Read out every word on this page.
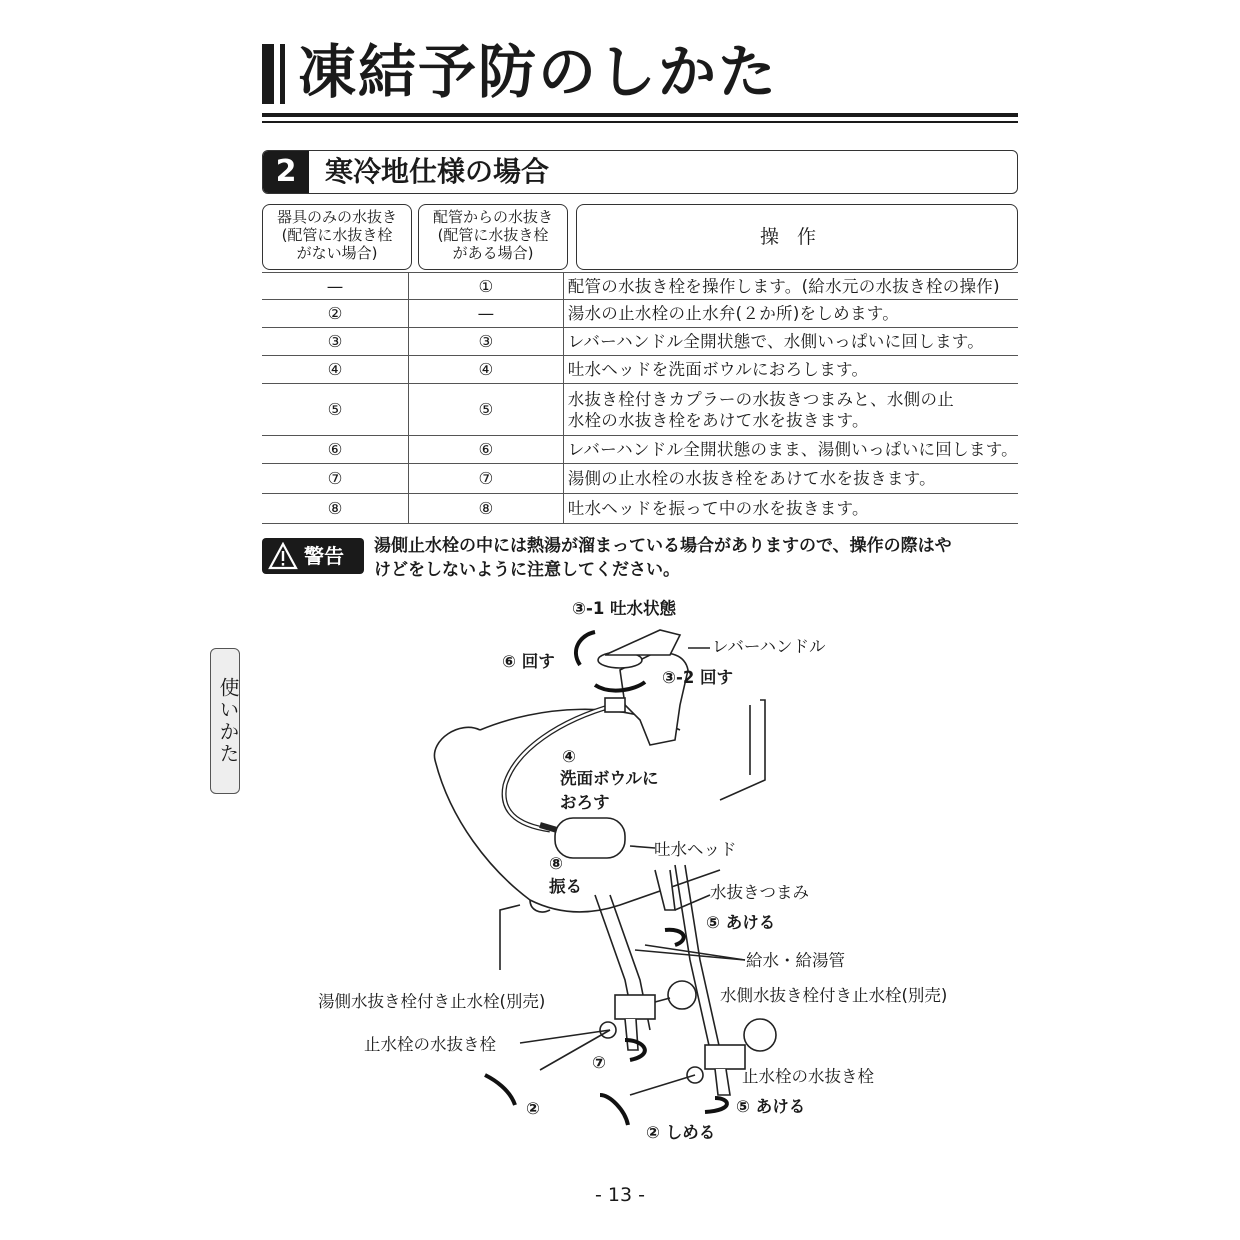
凍結予防のしかた
2	寒冷地仕様の場合
器具のみの水抜き
(配管に水抜き栓
がない場合)
配管からの水抜き
(配管に水抜き栓
がある場合)
操作
—	①	配管の水抜き栓を操作します。(給水元の水抜き栓の操作)
②	—	湯水の止水栓の止水弁(２か所)をしめます。
③	③	レバーハンドル全開状態で、水側いっぱいに回します。
④	④	吐水ヘッドを洗面ボウルにおろします。
⑤	⑤	水抜き栓付きカプラーの水抜きつまみと、水側の止
水栓の水抜き栓をあけて水を抜きます。

⑥	⑥	レバーハンドル全開状態のまま、湯側いっぱいに回します。
⑦	⑦	湯側の止水栓の水抜き栓をあけて水を抜きます。
⑧	⑧	吐水ヘッドを振って中の水を抜きます。
警告 湯側止水栓の中には熱湯が溜まっている場合がありますので、操作の際はや
けどをしないように注意してください。
使いかた
③-1 吐水状態
レバーハンドル
⑥ 回す
③-2 回す
④
洗面ボウルに
おろす
吐水ヘッド
⑧
振る	水抜きつまみ
⑤ あける
給水・給湯管
湯側水抜き栓付き止水栓(別売)	水側水抜き栓付き止水栓(別売)
止水栓の水抜き栓
⑦
止水栓の水抜き栓
②	⑤ あける
② しめる
- 13 -
